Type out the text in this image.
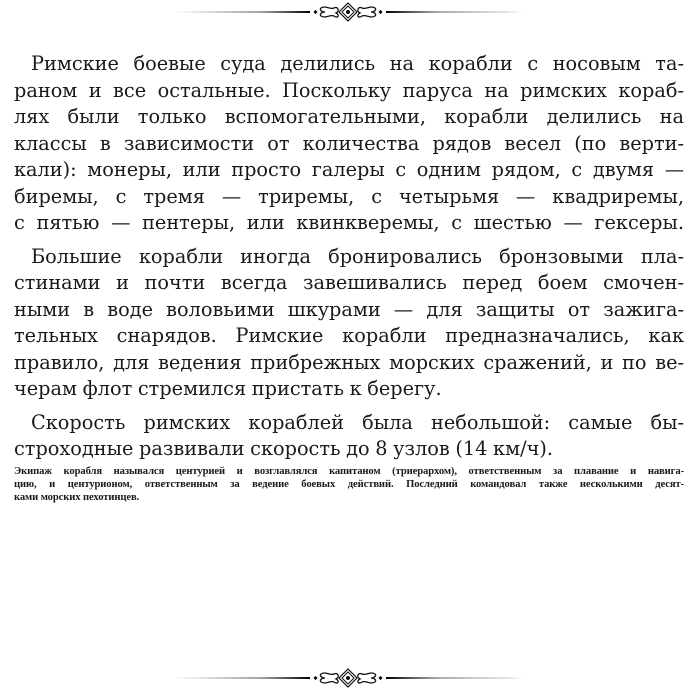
Римские боевые суда делились на корабли с носовым та-
раном и все остальные. Поскольку паруса на римских кораб-
лях были только вспомогательными, корабли делились на
классы в зависимости от количества рядов весел (по верти-
кали): монеры, или просто галеры с одним рядом, с двумя —
биремы, с тремя — триремы, с четырьмя — квадриремы,
с пятью — пентеры, или квинкверемы, с шестью — гексеры.
Большие корабли иногда бронировались бронзовыми пла-
стинами и почти всегда завешивались перед боем смочен-
ными в воде воловьими шкурами — для защиты от зажига-
тельных снарядов. Римские корабли предназначались, как
правило, для ведения прибрежных морских сражений, и по ве-
черам флот стремился пристать к берегу.
Скорость римских кораблей была небольшой: самые бы-
строходные развивали скорость до 8 узлов (14 км/ч).
Экипаж корабля назывался центурией и возглавлялся капитаном (триерархом), ответственным за плавание и навига-
цию, и центурионом, ответственным за ведение боевых действий. Последний командовал также несколькими десят-
ками морских пехотинцев.
